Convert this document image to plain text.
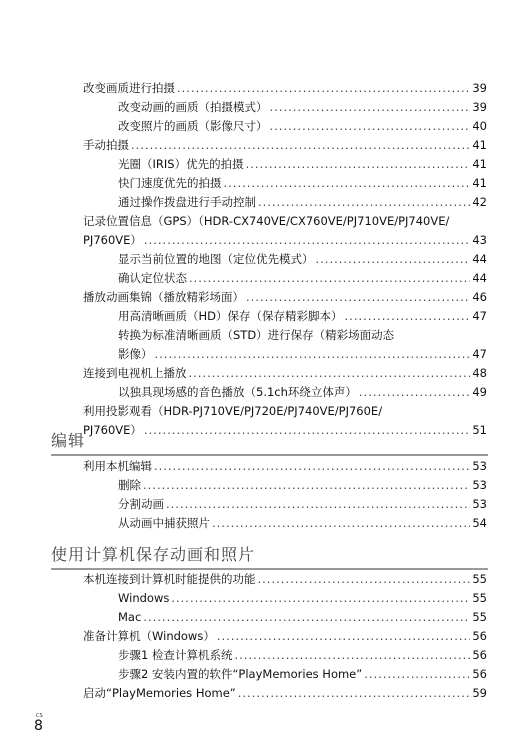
改变画质进行拍摄 .....	39
改变动画的画质（拍摄模式） .....	39
改变照片的画质（影像尺寸） .....	40
手动拍摄 .....	41
光圈（IRIS）优先的拍摄 .....	41
快门速度优先的拍摄 .....	41
通过操作拨盘进行手动控制 .....	42
记录位置信息（GPS）（HDR-CX740VE/CX760VE/PJ710VE/PJ740VE/
PJ760VE） .....	43
显示当前位置的地图（定位优先模式） .....	44
确认定位状态 .....	44
播放动画集锦（播放精彩场面） .....	46
用高清晰画质（HD）保存（保存精彩脚本） .....	47
转换为标准清晰画质（STD）进行保存（精彩场面动态
影像） .....	47
连接到电视机上播放 .....	48
以独具现场感的音色播放（5.1ch环绕立体声） .....	49
利用投影观看（HDR-PJ710VE/PJ720E/PJ740VE/PJ760E/
PJ760VE） .....	51
编辑
利用本机编辑 .....	53
删除 .....	53
分割动画 .....	53
从动画中捕获照片 .....	54
使用计算机保存动画和照片
本机连接到计算机时能提供的功能 .....	55
Windows .....	55
Mac .....	55
准备计算机（Windows） .....	56
步骤1 检查计算机系统 .....	56
步骤2 安装内置的软件“PlayMemories Home” .....	56
启动“PlayMemories Home” .....	59
CS
8
